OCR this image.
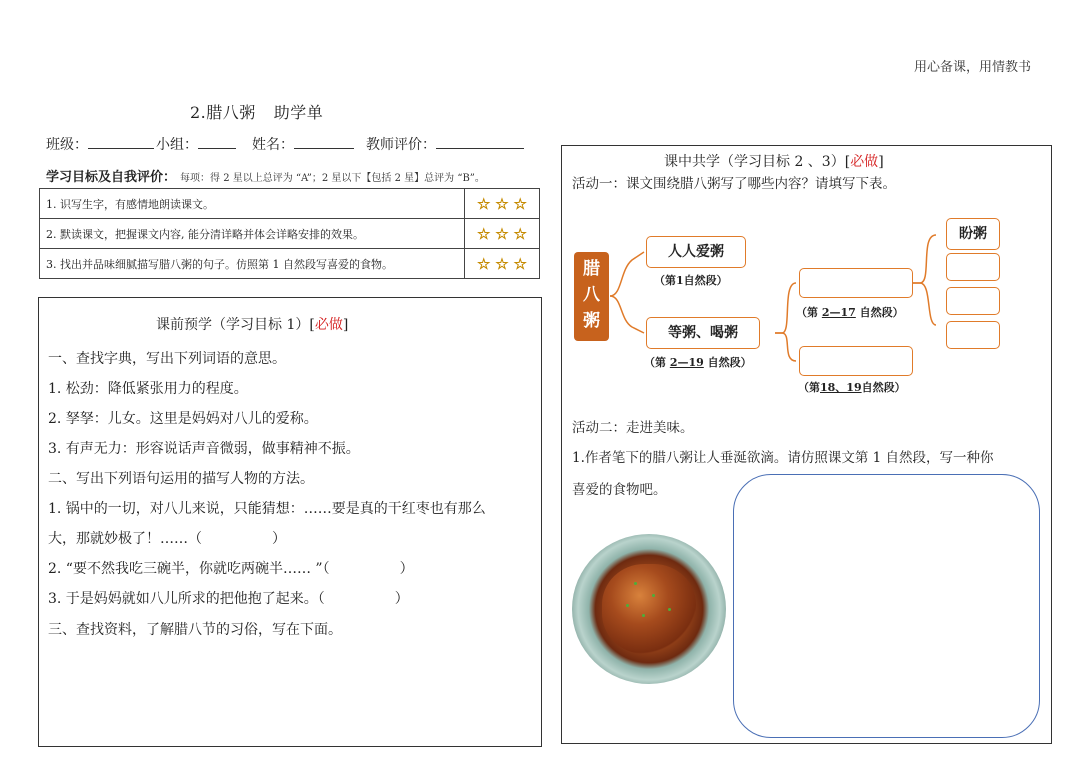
用心备课，用情教书
2.腊八粥 助学单
班级：	小组：	姓名：	教师评价：
学习目标及自我评价： 每项：得 2 星以上总评为 “A”；2 星以下【包括 2 星】总评为 “B”。
1. 识写生字，有感情地朗读课文。	☆ ☆ ☆
2. 默读课文，把握课文内容, 能分清详略并体会详略安排的效果。	☆ ☆ ☆
3. 找出并品味细腻描写腊八粥的句子。仿照第 1 自然段写喜爱的食物。	☆ ☆ ☆
课前预学（学习目标 1）[必做]
一、查找字典，写出下列词语的意思。
1. 松劲：降低紧张用力的程度。
2. 孥孥：儿女。这里是妈妈对八儿的爱称。
3. 有声无力：形容说话声音微弱，做事精神不振。
二、写出下列语句运用的描写人物的方法。
1. 锅中的一切，对八儿来说，只能猜想：……要是真的干红枣也有那么
大，那就妙极了！……（　　　　　）
2. “要不然我吃三碗半，你就吃两碗半…… ”（　　　　　）
3. 于是妈妈就如八儿所求的把他抱了起来。（　　　　　）
三、查找资料，了解腊八节的习俗，写在下面。
课中共学（学习目标 2 、3）[必做]
活动一：课文围绕腊八粥写了哪些内容？请填写下表。
腊
八
粥
人人爱粥
（第1自然段）
等粥、喝粥
（第 2—19 自然段）
（第 2—17 自然段）
（第18、19自然段）
盼粥
活动二：走进美味。
1.作者笔下的腊八粥让人垂涎欲滴。请仿照课文第 1 自然段，写一种你
喜爱的食物吧。
